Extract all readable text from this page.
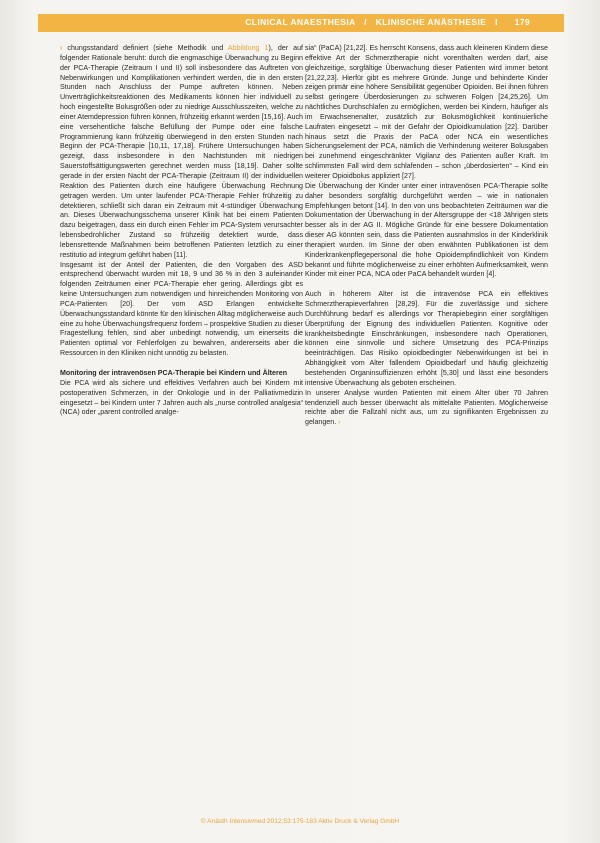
CLINICAL ANAESTHESIA / KLINISCHE ANÄSTHESIE I 179

› chungsstandard definiert (siehe Methodik und Abbildung 1), der auf folgender Rationale beruht: durch die engmaschige Überwachung zu Beginn der PCA-Therapie (Zeitraum I und II) soll insbesondere das Auftreten von Nebenwirkungen und Komplikationen verhindert werden, die in den ersten Stunden nach Anschluss der Pumpe auftreten können. Neben Unverträglichkeitsreaktionen des Medikaments können hier individuell zu hoch eingestellte Bolusgrößen oder zu niedrige Ausschlusszeiten, welche zu einer Atemdepression führen können, frühzeitig erkannt werden [15,16]. Auch eine versehentliche falsche Befüllung der Pumpe oder eine falsche Programmierung kann frühzeitig überwiegend in den ersten Stunden nach Beginn der PCA-Therapie [10,11, 17,18]. Frühere Untersuchungen haben gezeigt, dass insbesondere in den Nachtstunden mit niedrigen Sauerstoffsättigungswerten gerechnet werden muss [18,19]. Daher sollte gerade in der ersten Nacht der PCA-Therapie (Zeitraum II) der individuellen Reaktion des Patienten durch eine häufigere Überwachung Rechnung getragen werden. Um unter laufender PCA-Therapie Fehler frühzeitig zu detektieren, schließt sich daran ein Zeitraum mit 4-stündiger Überwachung an. Dieses Überwachungsschema unserer Klinik hat bei einem Patienten dazu beigetragen, dass ein durch einen Fehler im PCA-System verursachter lebensbedrohlicher Zustand so frühzeitig detektiert wurde, dass lebensrettende Maßnahmen beim betroffenen Patienten letztlich zu einer restitutio ad integrum geführt haben [11].

Insgesamt ist der Anteil der Patienten, die den Vorgaben des ASD entsprechend überwacht wurden mit 18, 9 und 36 % in den 3 aufeinander folgenden Zeiträumen einer PCA-Therapie eher gering. Allerdings gibt es keine Untersuchungen zum notwendigen und hinreichenden Monitoring von PCA-Patienten [20]. Der vom ASD Erlangen entwickelte Überwachungsstandard könnte für den klinischen Alltag möglicherweise auch eine zu hohe Überwachungsfrequenz fordern – prospektive Studien zu dieser Fragestellung fehlen, sind aber unbedingt notwendig, um einerseits die Patienten optimal vor Fehlerfolgen zu bewahren, andererseits aber die Ressourcen in den Kliniken nicht unnötig zu belasten.

Monitoring der intravenösen PCA-Therapie bei Kindern und Älteren

Die PCA wird als sichere und effektives Verfahren auch bei Kindern mit postoperativen Schmerzen, in der Onkologie und in der Palliativmedizin eingesetzt – bei Kindern unter 7 Jahren auch als „nurse controlled analgesia“ (NCA) oder „parent controlled analge-

sia“ (PaCA) [21,22]. Es herrscht Konsens, dass auch kleineren Kindern diese effektive Art der Schmerztherapie nicht vorenthalten werden darf, aise gleichzeitige, sorgfältige Überwachung dieser Patienten wird immer betont [21,22,23]. Hierfür gibt es mehrere Gründe. Junge und behinderte Kinder zeigen primär eine höhere Sensibilität gegenüber Opioiden. Bei ihnen führen selbst geringere Überdosierungen zu schweren Folgen [24,25,26]. Um nächtliches Durchschlafen zu ermöglichen, werden bei Kindern, häufiger als im Erwachsenenalter, zusätzlich zur Bolusmöglichkeit kontinuierliche Laufraten eingesetzt – mit der Gefahr der Opioidkumulation [22]. Darüber hinaus setzt die Praxis der PaCA oder NCA ein wesentliches Sicherungselement der PCA, nämlich die Verhinderung weiterer Bolusgaben bei zunehmend eingeschränkter Vigilanz des Patienten außer Kraft. Im schlimmsten Fall wird dem schlafenden – schon „überdosierten“ – Kind ein weiterer Opioidbolus appliziert [27].

Die Überwachung der Kinder unter einer intravenösen PCA-Therapie sollte daher besonders sorgfältig durchgeführt werden – wie in nationalen Empfehlungen betont [14]. In den von uns beobachteten Zeiträumen war die Dokumentation der Überwachung in der Altersgruppe der <18 Jährigen stets besser als in der AG II. Mögliche Gründe für eine bessere Dokumentation dieser AG könnten sein, dass die Patienten ausnahmslos in der Kinderklinik therapiert wurden. Im Sinne der oben erwähnten Publikationen ist dem Kinderkrankenpflegepersonal die hohe Opioidempfindlichkeit von Kindern bekannt und führte möglicherweise zu einer erhöhten Aufmerksamkeit, wenn Kinder mit einer PCA, NCA oder PaCA behandelt wurden [4].

Auch in höherem Alter ist die intravenöse PCA ein effektives Schmerztherapieverfahren [28,29]. Für die zuverlässige und sichere Durchführung bedarf es allerdings vor Therapiebeginn einer sorgfältigen Überprüfung der Eignung des individuellen Patienten. Kognitive oder krankheitsbedingte Einschränkungen, insbesondere nach Operationen, können eine sinnvolle und sichere Umsetzung des PCA-Prinzips beeinträchtigen. Das Risiko opioidbedingter Nebenwirkungen ist bei in Abhängigkeit vom Alter fallendem Opioidbedarf und häufig gleichzeitig bestehenden Organinsuffizienzen erhöht [5,30] und lässt eine besonders intensive Überwachung als geboten erscheinen.

In unserer Analyse wurden Patienten mit einem Alter über 70 Jahren tendenziell auch besser überwacht als mittelalte Patienten. Möglicherweise reichte aber die Fallzahl nicht aus, um zu signifikanten Ergebnissen zu gelangen. ›

© Anästh Intensivmed 2012;53:175-183 Aktiv Druck & Verlag GmbH
